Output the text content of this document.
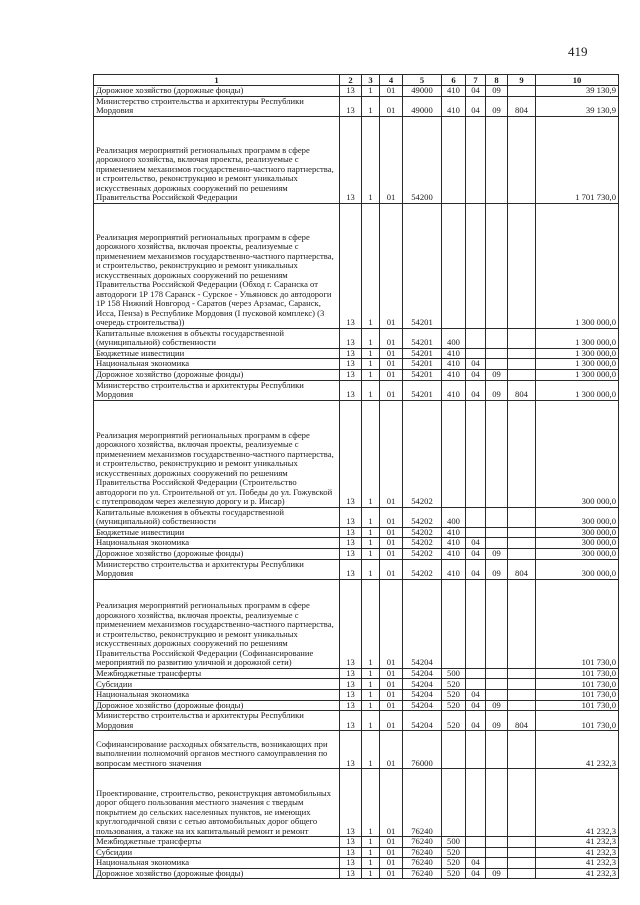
419
1	2	3	4	5	6	7	8	9	10
Дорожное хозяйство (дорожные фонды)	13	1	01	49000	410	04	09		39 130,9
Министерство строительства и архитектуры Республики Мордовия	13	1	01	49000	410	04	09	804	39 130,9
Реализация мероприятий региональных программ в сфере дорожного хозяйства, включая проекты, реализуемые с применением механизмов государственно-частного партнерства, и строительство, реконструкцию и ремонт уникальных искусственных дорожных сооружений по решениям Правительства Российской Федерации	13	1	01	54200					1 701 730,0
Реализация мероприятий региональных программ в сфере дорожного хозяйства, включая проекты, реализуемые с применением механизмов государственно-частного партнерства, и строительство, реконструкцию и ремонт уникальных искусственных дорожных сооружений по решениям Правительства Российской Федерации (Обход г. Саранска от автодороги 1Р 178 Саранск - Сурское - Ульяновск до автодороги 1Р 158 Нижний Новгород - Саратов (через Арзамас, Саранск, Исса, Пенза) в Республике Мордовия (I пусковой комплекс) (3 очередь строительства))	13	1	01	54201					1 300 000,0
Капитальные вложения в объекты государственной (муниципальной) собственности	13	1	01	54201	400				1 300 000,0
Бюджетные инвестиции	13	1	01	54201	410				1 300 000,0
Национальная экономика	13	1	01	54201	410	04			1 300 000,0
Дорожное хозяйство (дорожные фонды)	13	1	01	54201	410	04	09		1 300 000,0
Министерство строительства и архитектуры Республики Мордовия	13	1	01	54201	410	04	09	804	1 300 000,0
Реализация мероприятий региональных программ в сфере дорожного хозяйства, включая проекты, реализуемые с применением механизмов государственно-частного партнерства, и строительство, реконструкцию и ремонт уникальных искусственных дорожных сооружений по решениям Правительства Российской Федерации (Строительство автодороги по ул. Строительной от ул. Победы до ул. Гожувской с путепроводом через железную дорогу и р. Инсар)	13	1	01	54202					300 000,0
Капитальные вложения в объекты государственной (муниципальной) собственности	13	1	01	54202	400				300 000,0
Бюджетные инвестиции	13	1	01	54202	410				300 000,0
Национальная экономика	13	1	01	54202	410	04			300 000,0
Дорожное хозяйство (дорожные фонды)	13	1	01	54202	410	04	09		300 000,0
Министерство строительства и архитектуры Республики Мордовия	13	1	01	54202	410	04	09	804	300 000,0
Реализация мероприятий региональных программ в сфере дорожного хозяйства, включая проекты, реализуемые с применением механизмов государственно-частного партнерства, и строительство, реконструкцию и ремонт уникальных искусственных дорожных сооружений по решениям Правительства Российской Федерации (Софинансирование мероприятий по развитию уличной и дорожной сети)	13	1	01	54204					101 730,0
Межбюджетные трансферты	13	1	01	54204	500				101 730,0
Субсидии	13	1	01	54204	520				101 730,0
Национальная экономика	13	1	01	54204	520	04			101 730,0
Дорожное хозяйство (дорожные фонды)	13	1	01	54204	520	04	09		101 730,0
Министерство строительства и архитектуры Республики Мордовия	13	1	01	54204	520	04	09	804	101 730,0
Софинансирование расходных обязательств, возникающих при выполнении полномочий органов местного самоуправления по вопросам местного значения	13	1	01	76000					41 232,3
Проектирование, строительство, реконструкция автомобильных дорог общего пользования местного значения с твердым покрытием до сельских населенных пунктов, не имеющих круглогодичной связи с сетью автомобильных дорог общего пользования, а также на их капитальный ремонт и ремонт	13	1	01	76240					41 232,3
Межбюджетные трансферты	13	1	01	76240	500				41 232,3
Субсидии	13	1	01	76240	520				41 232,3
Национальная экономика	13	1	01	76240	520	04			41 232,3
Дорожное хозяйство (дорожные фонды)	13	1	01	76240	520	04	09		41 232,3
